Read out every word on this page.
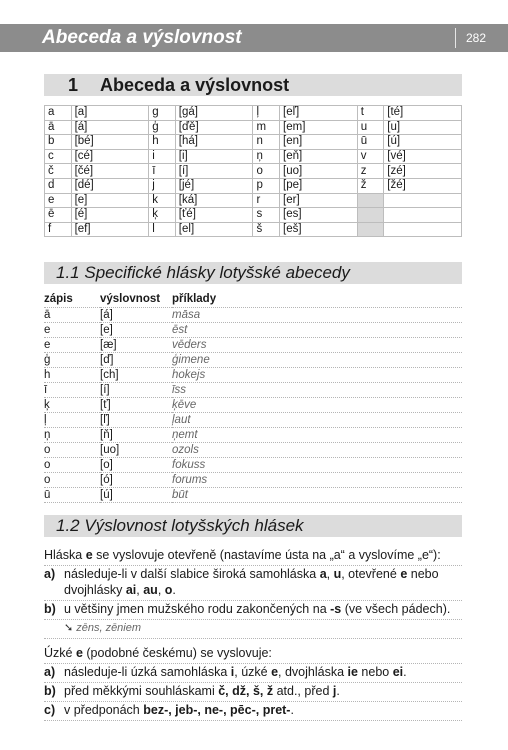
Abeceda a výslovnost	282
1 Abeceda a výslovnost
a	[a]	g	[gá]	ļ	[eľ]	t	[té]
ā	[á]	ģ	[ďě]	m	[em]	u	[u]
b	[bé]	h	[há]	n	[en]	ū	[ú]
c	[cé]	i	[i]	ņ	[eň]	v	[vé]
č	[čé]	ī	[í]	o	[uo]	z	[zé]
d	[dé]	j	[jé]	p	[pe]	ž	[žé]
e	[e]	k	[ká]	r	[er]		
ē	[é]	ķ	[ťé]	s	[es]		
f	[ef]	l	[el]	š	[eš]		
1.1 Specifické hlásky lotyšské abecedy
zápis	výslovnost	příklady
ā	[á]	māsa
e	[e]	ēst
e	[æ]	vēders
ģ	[ď]	ģimene
h	[ch]	hokejs
ī	[í]	īss
ķ	[ť]	ķēve
ļ	[ľ]	ļaut
ņ	[ň]	ņemt
o	[uo]	ozols
o	[o]	fokuss
o	[ó]	forums
ū	[ú]	būt
1.2 Výslovnost lotyšských hlásek
Hláska e se vyslovuje otevřeně (nastavíme ústa na „a“ a vyslovíme „e“):
a) následuje-li v další slabice široká samohláska a, u, otevřené e nebo dvojhlásky ai, au, o.
b) u většiny jmen mužského rodu zakončených na -s (ve všech pádech).
➘ zēns, zēniem
Úzké e (podobné českému) se vyslovuje:
a) následuje-li úzká samohláska i, úzké e, dvojhláska ie nebo ei.
b) před měkkými souhláskami č, dž, š, ž atd., před j.
c) v předponách bez-, jeb-, ne-, pēc-, pret-.
